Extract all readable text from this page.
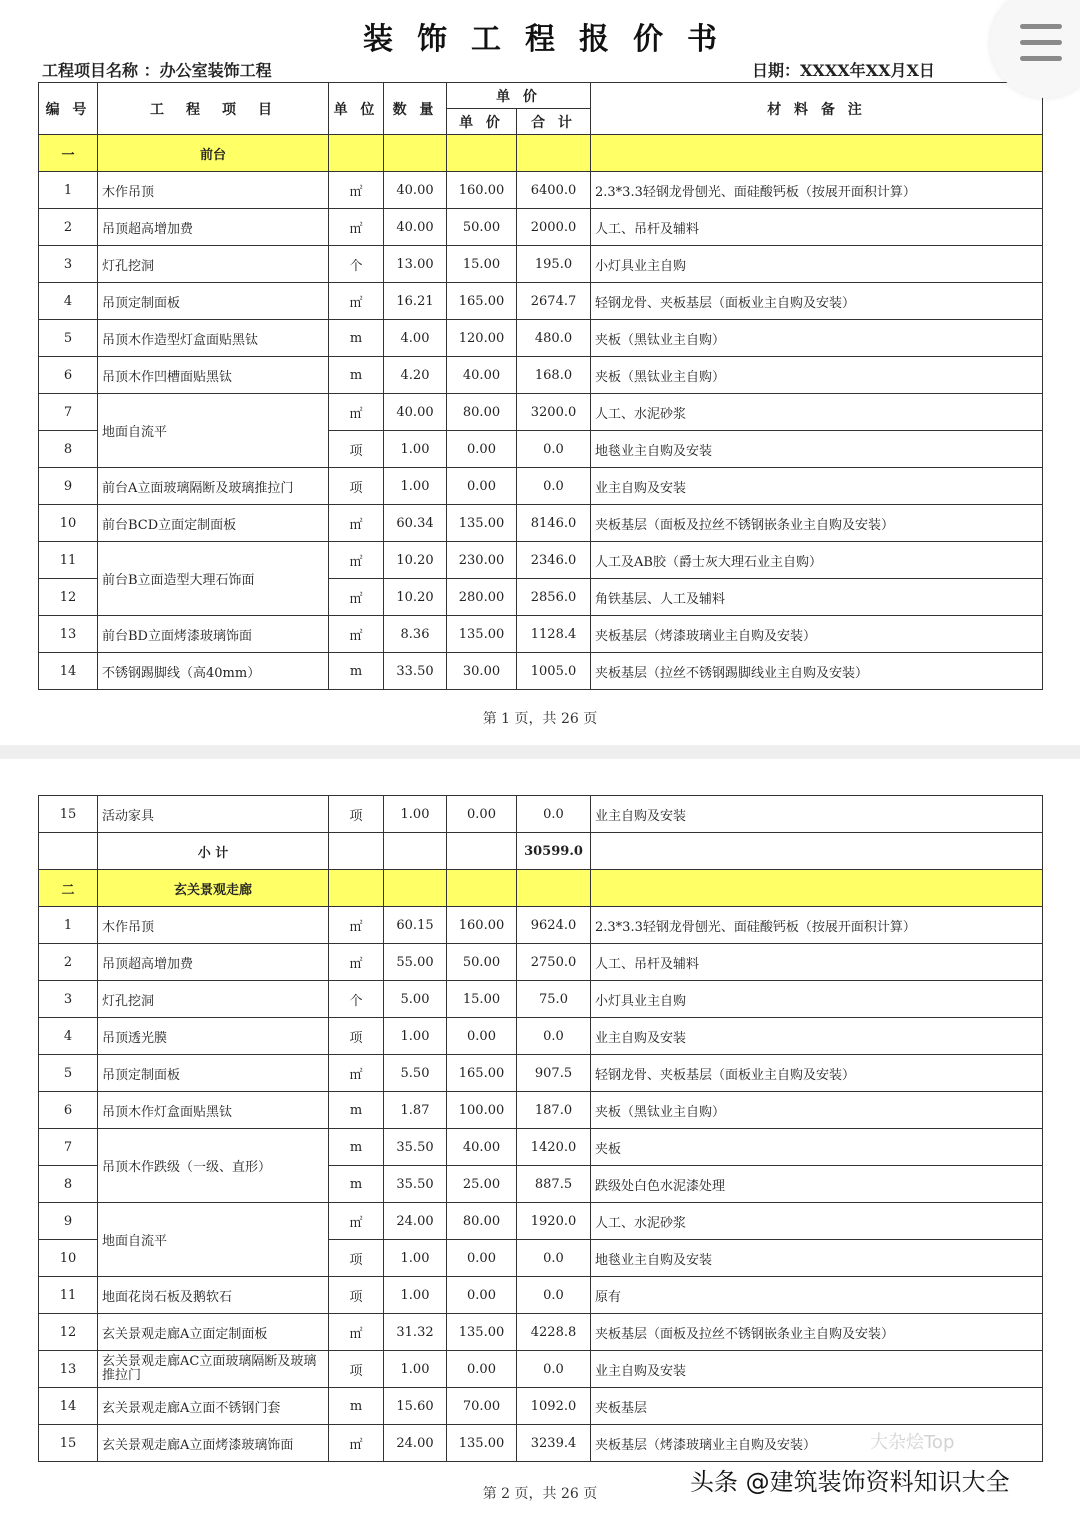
装饰工程报价书
工程项目名称 ：办公室装饰工程	日期：XXXX年XX月X日
编 号	工　程　项　目	单 位	数 量	单 价		材 料 备 注
				单 价	合 计	
一	前台					
1	木作吊顶	㎡	40.00	160.00	6400.0	2.3*3.3轻钢龙骨刨光、面硅酸钙板（按展开面积计算）
2	吊顶超高增加费	㎡	40.00	50.00	2000.0	人工、吊杆及辅料
3	灯孔挖洞	个	13.00	15.00	195.0	小灯具业主自购
4	吊顶定制面板	㎡	16.21	165.00	2674.7	轻钢龙骨、夹板基层（面板业主自购及安装）
5	吊顶木作造型灯盒面贴黑钛	m	4.00	120.00	480.0	夹板（黑钛业主自购）
6	吊顶木作凹槽面贴黑钛	m	4.20	40.00	168.0	夹板（黑钛业主自购）
7	地面自流平	㎡	40.00	80.00	3200.0	人工、水泥砂浆
8		项	1.00	0.00	0.0	地毯业主自购及安装
9	前台A立面玻璃隔断及玻璃推拉门	项	1.00	0.00	0.0	业主自购及安装
10	前台BCD立面定制面板	㎡	60.34	135.00	8146.0	夹板基层（面板及拉丝不锈钢嵌条业主自购及安装）
11	前台B立面造型大理石饰面	㎡	10.20	230.00	2346.0	人工及AB胶（爵士灰大理石业主自购）
12		㎡	10.20	280.00	2856.0	角铁基层、人工及辅料
13	前台BD立面烤漆玻璃饰面	㎡	8.36	135.00	1128.4	夹板基层（烤漆玻璃业主自购及安装）
14	不锈钢踢脚线（高40mm）	m	33.50	30.00	1005.0	夹板基层（拉丝不锈钢踢脚线业主自购及安装）
第 1 页，共 26 页
15	活动家具	项	1.00	0.00	0.0	业主自购及安装
	小 计				30599.0	
二	玄关景观走廊					
1	木作吊顶	㎡	60.15	160.00	9624.0	2.3*3.3轻钢龙骨刨光、面硅酸钙板（按展开面积计算）
2	吊顶超高增加费	㎡	55.00	50.00	2750.0	人工、吊杆及辅料
3	灯孔挖洞	个	5.00	15.00	75.0	小灯具业主自购
4	吊顶透光膜	项	1.00	0.00	0.0	业主自购及安装
5	吊顶定制面板	㎡	5.50	165.00	907.5	轻钢龙骨、夹板基层（面板业主自购及安装）
6	吊顶木作灯盒面贴黑钛	m	1.87	100.00	187.0	夹板（黑钛业主自购）
7	吊顶木作跌级（一级、直形）	m	35.50	40.00	1420.0	夹板
8		m	35.50	25.00	887.5	跌级处白色水泥漆处理
9	地面自流平	㎡	24.00	80.00	1920.0	人工、水泥砂浆
10		项	1.00	0.00	0.0	地毯业主自购及安装
11	地面花岗石板及鹅软石	项	1.00	0.00	0.0	原有
12	玄关景观走廊A立面定制面板	㎡	31.32	135.00	4228.8	夹板基层（面板及拉丝不锈钢嵌条业主自购及安装）
13	玄关景观走廊AC立面玻璃隔断及玻璃推拉门	项	1.00	0.00	0.0	业主自购及安装
14	玄关景观走廊A立面不锈钢门套	m	15.60	70.00	1092.0	夹板基层
15	玄关景观走廊A立面烤漆玻璃饰面	㎡	24.00	135.00	3239.4	夹板基层（烤漆玻璃业主自购及安装）
第 2 页，共 26 页
大杂烩Top
头条 @建筑装饰资料知识大全
